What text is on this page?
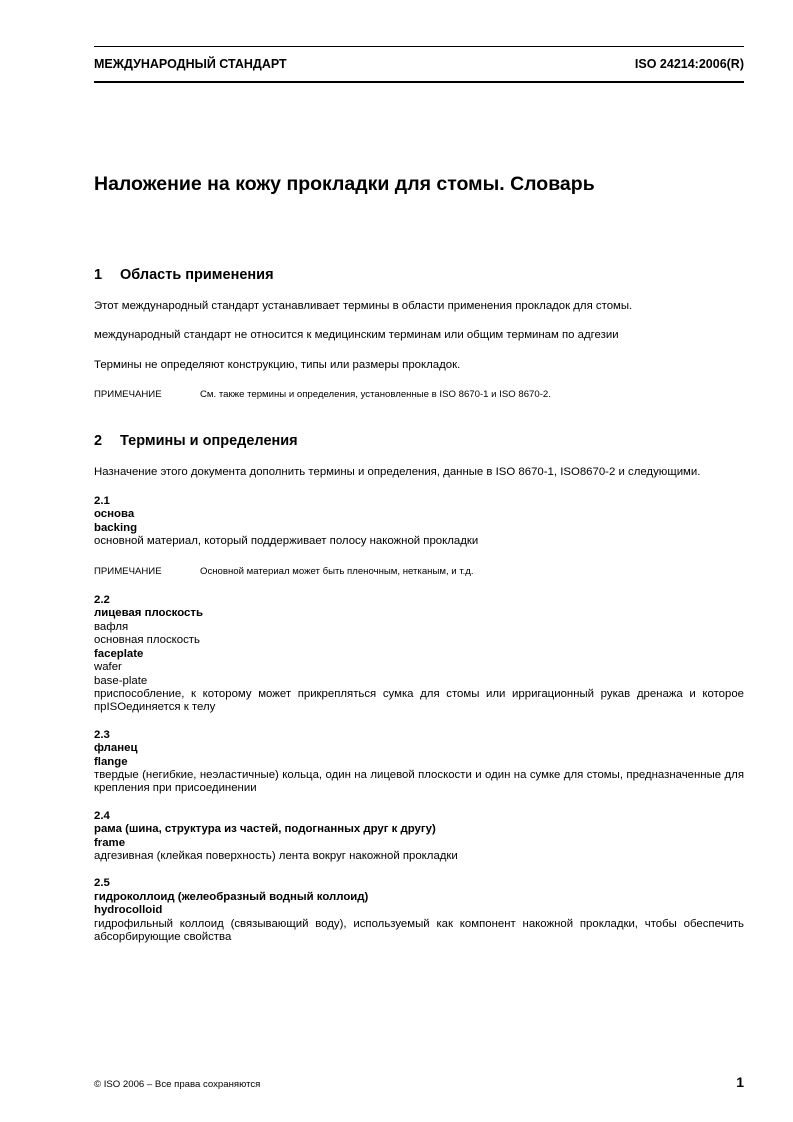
МЕЖДУНАРОДНЫЙ СТАНДАРТ	ISO 24214:2006(R)
Наложение на кожу прокладки для стомы. Словарь
1 Область применения

Этот международный стандарт устанавливает термины в области применения прокладок для стомы.

международный стандарт не относится к медицинским терминам или общим терминам по адгезии

Термины не определяют конструкцию, типы или размеры прокладок.

ПРИМЕЧАНИЕ	См. также термины и определения, установленные в ISO 8670-1 и ISO 8670-2.

2 Термины и определения

Назначение этого документа дополнить термины и определения, данные в ISO 8670-1, ISO8670-2 и следующими.

2.1
основа
backing
основной материал, который поддерживает полосу накожной прокладки

ПРИМЕЧАНИЕ	Основной материал может быть пленочным, нетканым, и т.д.

2.2
лицевая плоскость
вафля
основная плоскость
faceplate
wafer
base-plate
приспособление, к которому может прикрепляться сумка для стомы или ирригационный рукав дренажа и которое прISOединяется к телу
2.3
фланец
flange
твердые (негибкие, неэластичные) кольца, один на лицевой плоскости и один на сумке для стомы, предназначенные для крепления при присоединении
2.4
рама (шина, структура из частей, подогнанных друг к другу)
frame
адгезивная (клейкая поверхность) лента вокруг накожной прокладки
2.5
гидроколлоид (желеобразный водный коллоид)
hydrocolloid
гидрофильный коллоид (связывающий воду), используемый как компонент накожной прокладки, чтобы обеспечить абсорбирующие свойства
© ISO 2006 – Все права сохраняются	1
